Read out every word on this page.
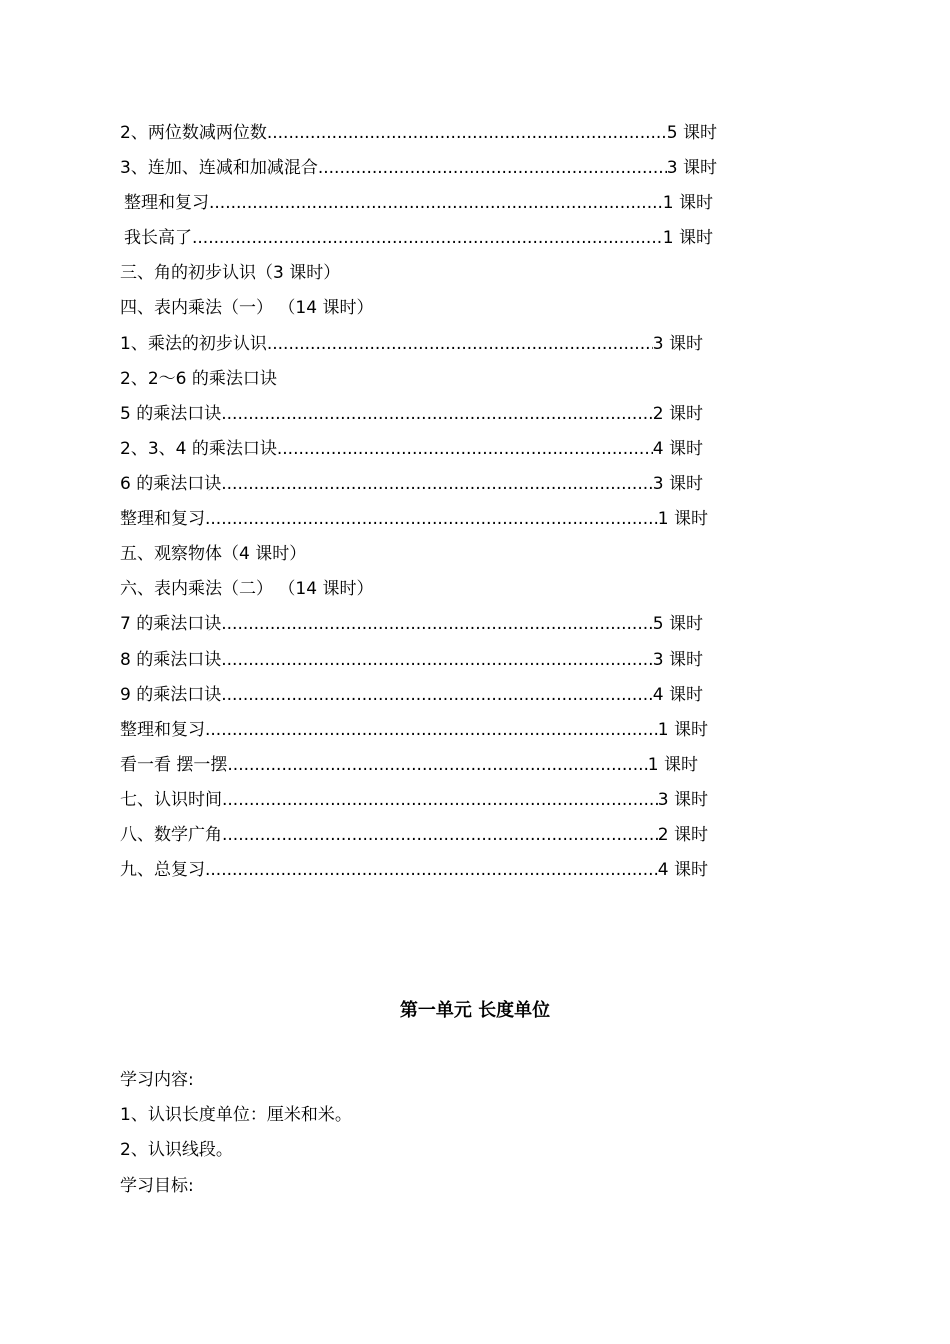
2、两位数减两位数 .....	5 课时
3、连加、连减和加减混合 .....	3 课时
整理和复习 .....	1 课时
我长高了 .....	1 课时
三、角的初步认识（3 课时）
四、表内乘法（一） （14 课时）
1、乘法的初步认识 .....	3 课时
2、2～6 的乘法口诀
5 的乘法口诀 .....	2 课时
2、3、4 的乘法口诀 .....	4 课时
6 的乘法口诀 .....	3 课时
整理和复习 .....	1 课时
五、观察物体（4 课时）
六、表内乘法（二） （14 课时）
7 的乘法口诀 .....	5 课时
8 的乘法口诀 .....	3 课时
9 的乘法口诀 .....	4 课时
整理和复习 .....	1 课时
看一看 摆一摆 .....	1 课时
七、认识时间 .....	3 课时
八、数学广角 .....	2 课时
九、总复习 .....	4 课时
第一单元 长度单位
学习内容:
1、认识长度单位：厘米和米。
2、认识线段。
学习目标:
